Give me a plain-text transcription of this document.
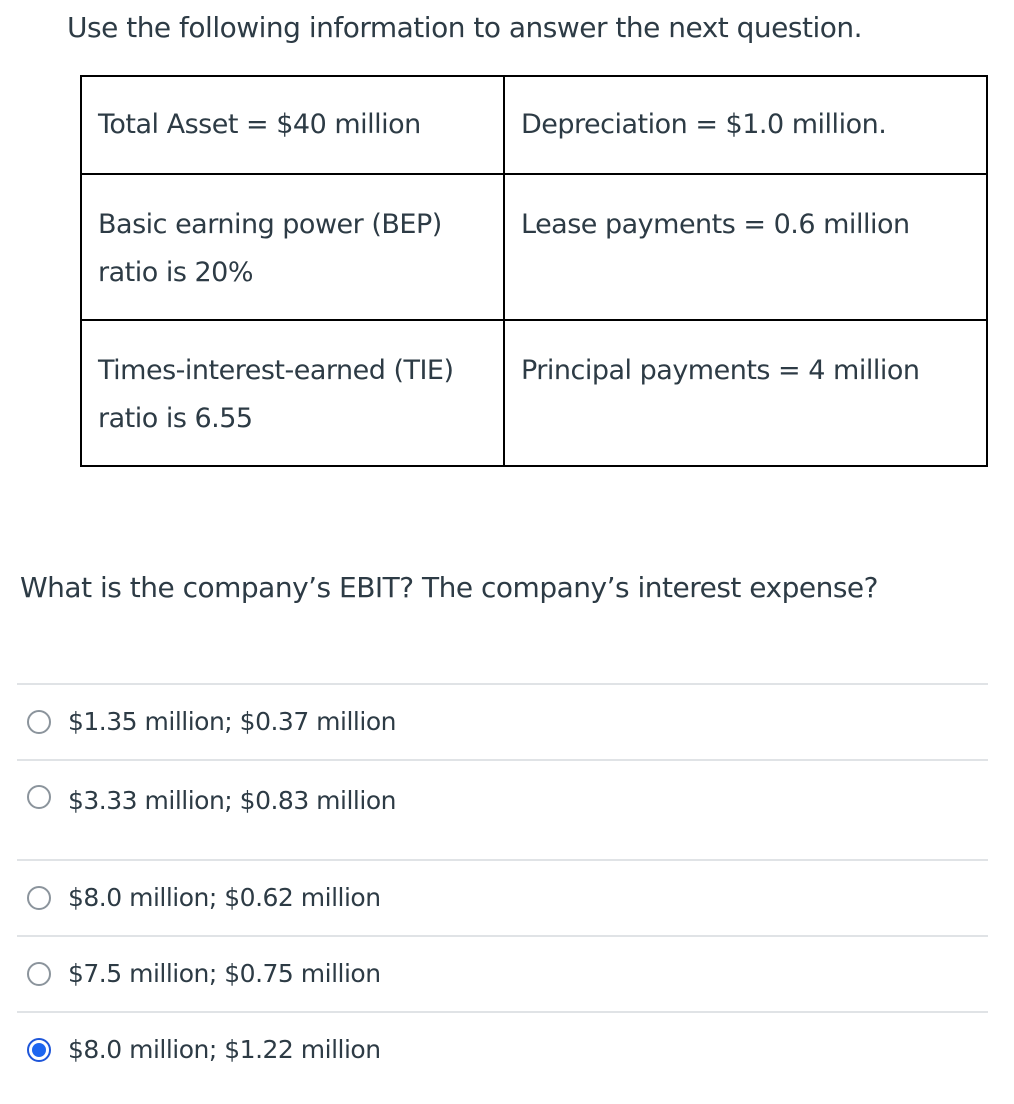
Use the following information to answer the next question.
Total Asset = $40 million	Depreciation = $1.0 million.
Basic earning power (BEP) ratio is 20%	Lease payments = 0.6 million
Times-interest-earned (TIE) ratio is 6.55	Principal payments = 4 million
What is the company’s EBIT? The company’s interest expense?
$1.35 million; $0.37 million
$3.33 million; $0.83 million
$8.0 million; $0.62 million
$7.5 million; $0.75 million
$8.0 million; $1.22 million
